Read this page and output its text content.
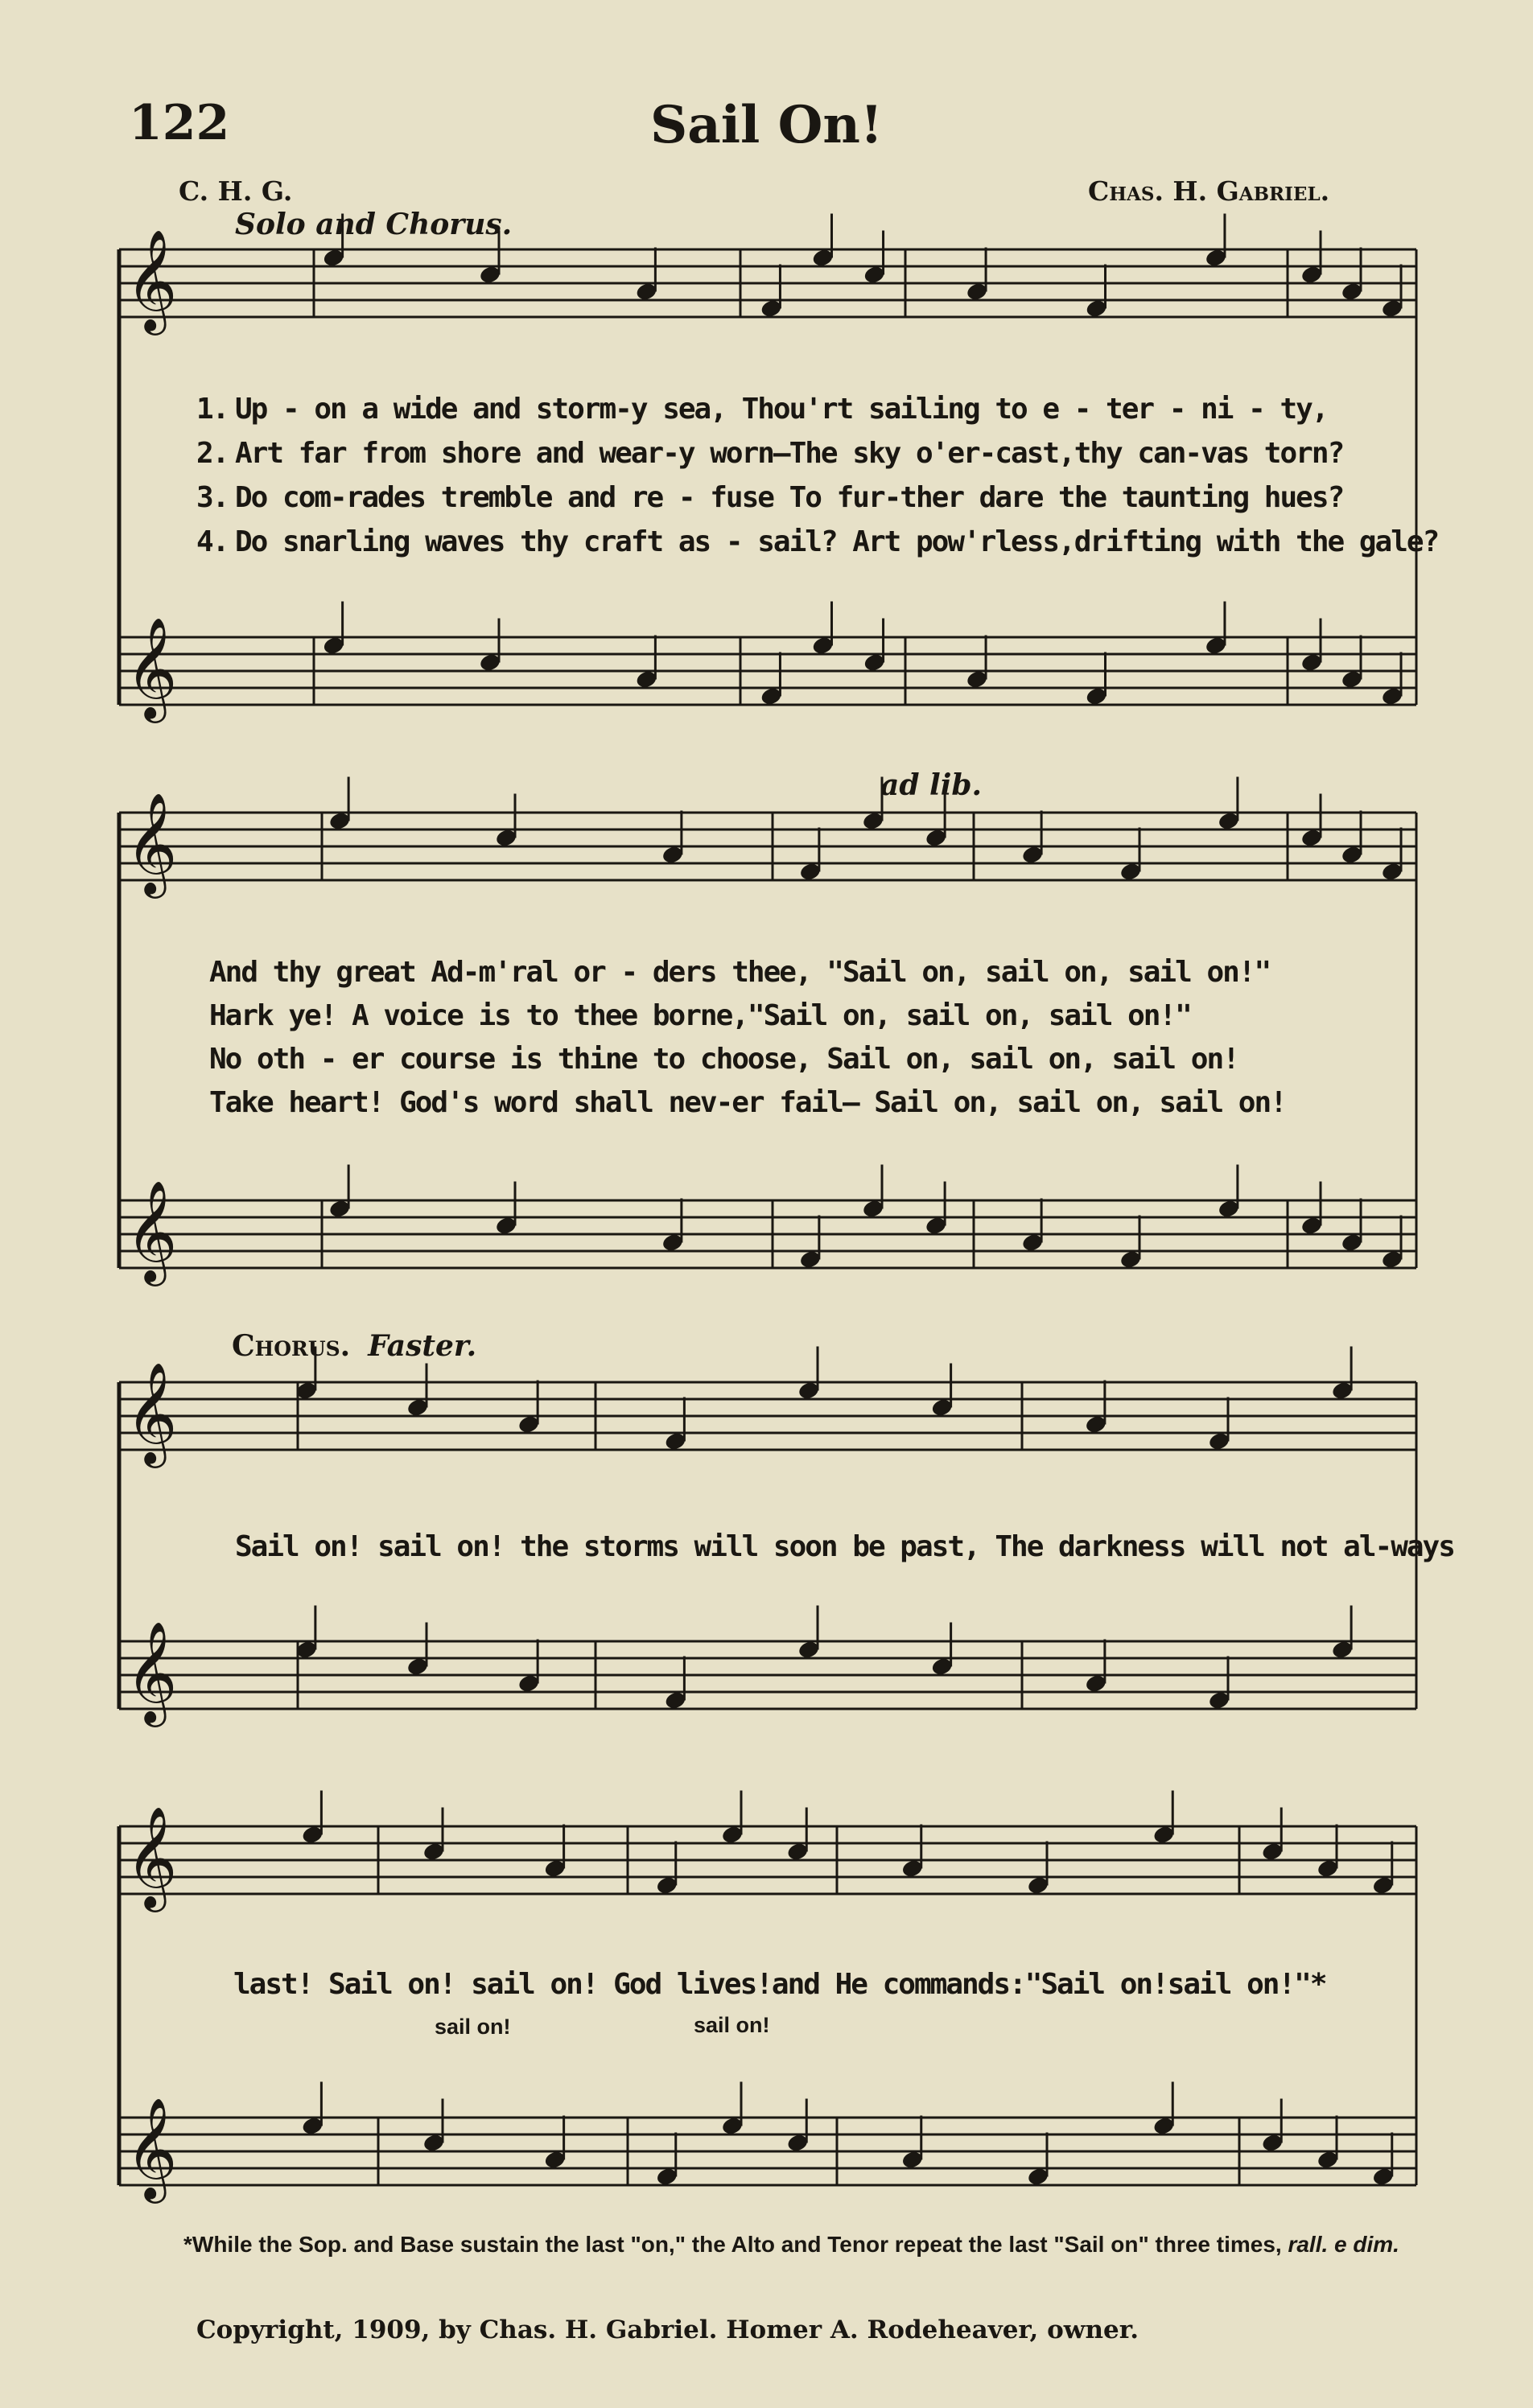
𝄞
𝄞
𝄞
𝄞
𝄞
𝄞
𝄞
𝄞
122	Sail On!
C. H. G.	Chas. H. Gabriel.
Solo and Chorus.
ad lib.
Chorus. Faster.
1. Up - on a wide and storm-y sea, Thou'rt sailing to e - ter - ni - ty,
2. Art far from shore and wear-y worn—The sky o'er-cast,thy can-vas torn?
3. Do com-rades tremble and re - fuse To fur-ther dare the taunting hues?
4. Do snarling waves thy craft as - sail? Art pow'rless,drifting with the gale?
And thy great Ad-m'ral or - ders thee, "Sail on, sail on, sail on!"
Hark ye! A voice is to thee borne,"Sail on, sail on, sail on!"
No oth - er course is thine to choose, Sail on, sail on, sail on!
Take heart! God's word shall nev-er fail— Sail on, sail on, sail on!
Sail on! sail on! the storms will soon be past, The darkness will not al-ways
last! Sail on! sail on! God lives!and He commands:"Sail on!sail on!"*
sail on!	sail on!
*While the Sop. and Base sustain the last "on," the Alto and Tenor repeat the last "Sail on" three times, rall. e dim.
Copyright, 1909, by Chas. H. Gabriel. Homer A. Rodeheaver, owner.
